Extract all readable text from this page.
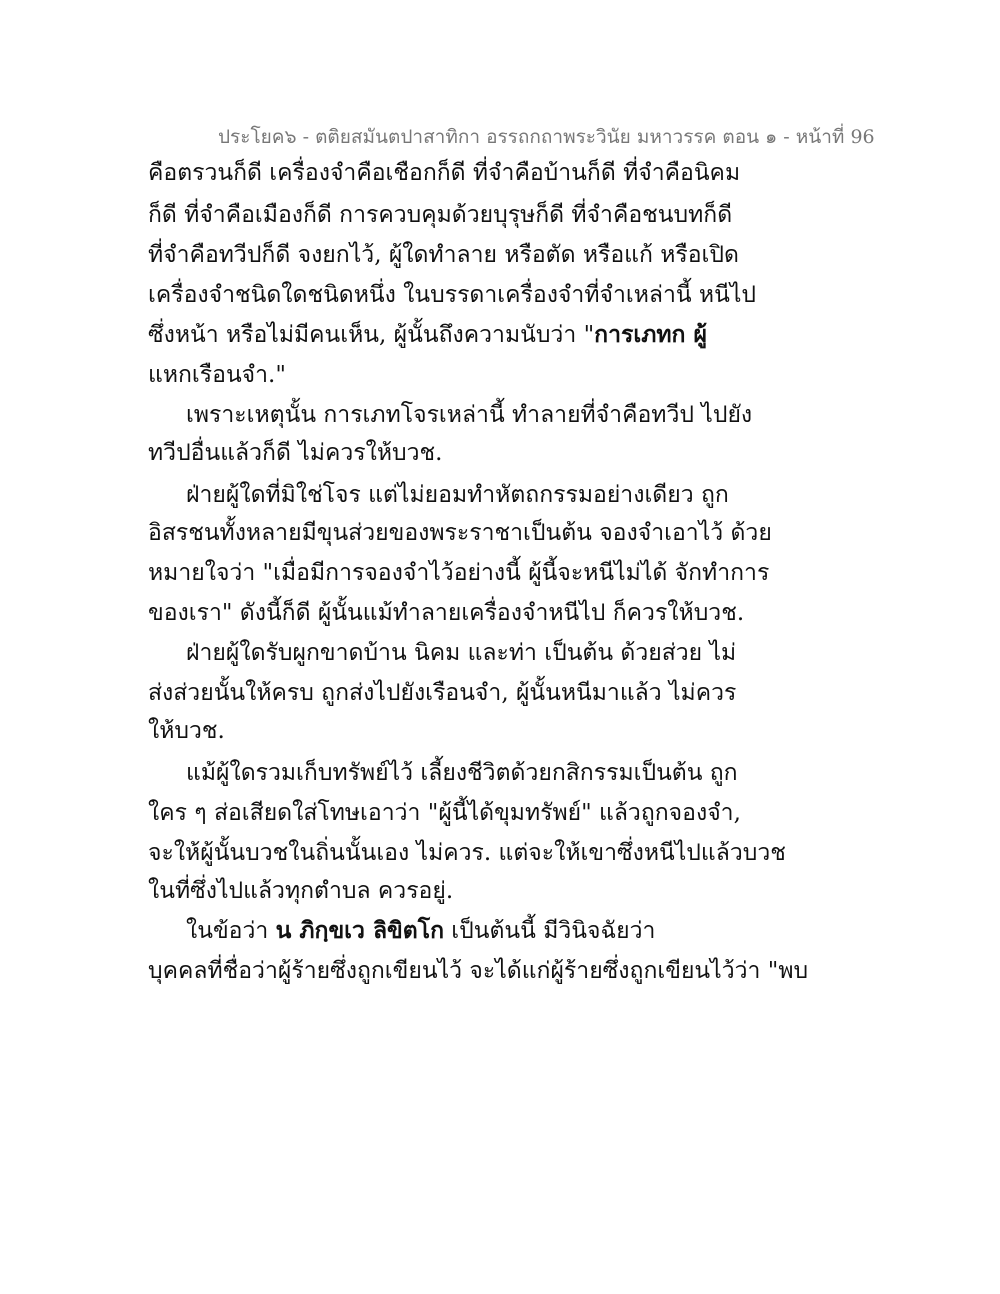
ประโยค๖ - ตติยสมันตปาสาทิกา อรรถกถาพระวินัย มหาวรรค ตอน ๑ - หน้าที่ 96
คือตรวนก็ดี เครื่องจำคือเชือกก็ดี ที่จำคือบ้านก็ดี ที่จำคือนิคม
ก็ดี ที่จำคือเมืองก็ดี การควบคุมด้วยบุรุษก็ดี ที่จำคือชนบทก็ดี
ที่จำคือทวีปก็ดี จงยกไว้, ผู้ใดทำลาย หรือตัด หรือแก้ หรือเปิด
เครื่องจำชนิดใดชนิดหนึ่ง ในบรรดาเครื่องจำที่จำเหล่านี้ หนีไป
ซึ่งหน้า หรือไม่มีคนเห็น, ผู้นั้นถึงความนับว่า "การเภทก ผู้
แหกเรือนจำ."
เพราะเหตุนั้น การเภทโจรเหล่านี้ ทำลายที่จำคือทวีป ไปยัง
ทวีปอื่นแล้วก็ดี ไม่ควรให้บวช.
ฝ่ายผู้ใดที่มิใช่โจร แต่ไม่ยอมทำหัตถกรรมอย่างเดียว ถูก
อิสรชนทั้งหลายมีขุนส่วยของพระราชาเป็นต้น จองจำเอาไว้ ด้วย
หมายใจว่า "เมื่อมีการจองจำไว้อย่างนี้ ผู้นี้จะหนีไม่ได้ จักทำการ
ของเรา" ดังนี้ก็ดี ผู้นั้นแม้ทำลายเครื่องจำหนีไป ก็ควรให้บวช.
ฝ่ายผู้ใดรับผูกขาดบ้าน นิคม และท่า เป็นต้น ด้วยส่วย ไม่
ส่งส่วยนั้นให้ครบ ถูกส่งไปยังเรือนจำ, ผู้นั้นหนีมาแล้ว ไม่ควร
ให้บวช.
แม้ผู้ใดรวมเก็บทรัพย์ไว้ เลี้ยงชีวิตด้วยกสิกรรมเป็นต้น ถูก
ใคร ๆ ส่อเสียดใส่โทษเอาว่า "ผู้นี้ได้ขุมทรัพย์" แล้วถูกจองจำ,
จะให้ผู้นั้นบวชในถิ่นนั้นเอง ไม่ควร. แต่จะให้เขาซึ่งหนีไปแล้วบวช
ในที่ซึ่งไปแล้วทุกตำบล ควรอยู่.
ในข้อว่า น ภิกฺขเว ลิขิตโก เป็นต้นนี้ มีวินิจฉัยว่า
บุคคลที่ชื่อว่าผู้ร้ายซึ่งถูกเขียนไว้ จะได้แก่ผู้ร้ายซึ่งถูกเขียนไว้ว่า "พบ
